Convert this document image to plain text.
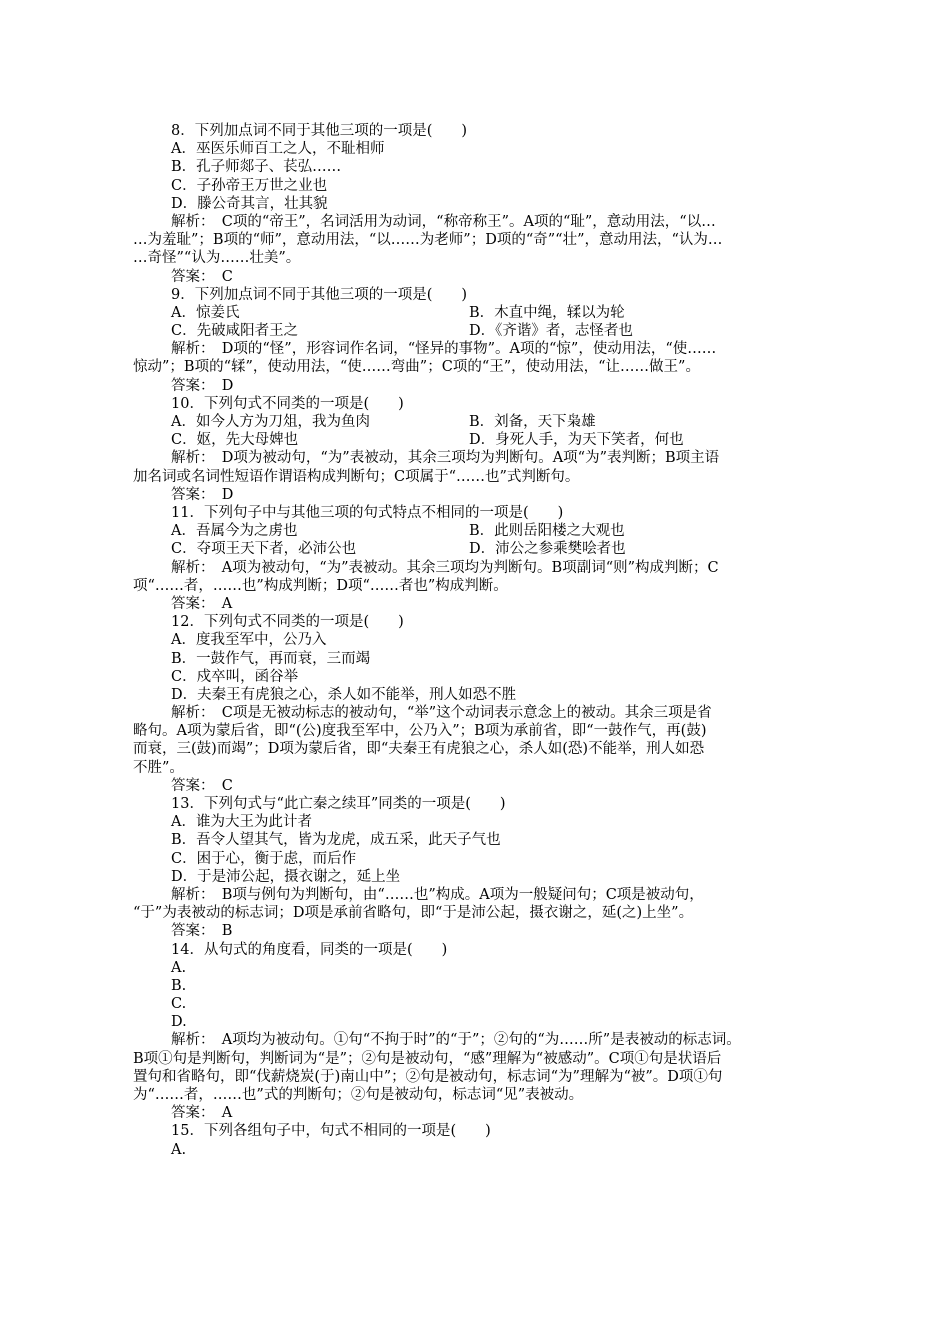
8．下列加点词不同于其他三项的一项是(　　)
A．巫医乐师百工之人，不耻相师
B．孔子师郯子、苌弘……
C．子孙帝王万世之业也
D．滕公奇其言，壮其貌
解析：　C项的“帝王”，名词活用为动词，“称帝称王”。A项的“耻”，意动用法，“以…
…为羞耻”；B项的“师”，意动用法，“以……为老师”；D项的“奇”“壮”，意动用法，“认为…
…奇怪”“认为……壮美”。
答案：　C
9．下列加点词不同于其他三项的一项是(　　)
A．惊姜氏	B．木直中绳，𫐓以为轮
C．先破咸阳者王之	D．《齐谐》者，志怪者也
解析：　D项的“怪”，形容词作名词，“怪异的事物”。A项的“惊”，使动用法，“使……
惊动”；B项的“𫐓”，使动用法，“使……弯曲”；C项的“王”，使动用法，“让……做王”。
答案：　D
10．下列句式不同类的一项是(　　)
A．如今人方为刀俎，我为鱼肉	B．刘备，天下枭雄
C．妪，先大母婢也	D．身死人手，为天下笑者，何也
解析：　D项为被动句，“为”表被动，其余三项均为判断句。A项“为”表判断；B项主语
加名词或名词性短语作谓语构成判断句；C项属于“……也”式判断句。
答案：　D
11．下列句子中与其他三项的句式特点不相同的一项是(　　)
A．吾属今为之虏也	B．此则岳阳楼之大观也
C．夺项王天下者，必沛公也	D．沛公之参乘樊哙者也
解析：　A项为被动句，“为”表被动。其余三项均为判断句。B项副词“则”构成判断；C
项“……者，……也”构成判断；D项“……者也”构成判断。
答案：　A
12．下列句式不同类的一项是(　　)
A．度我至军中，公乃入
B．一鼓作气，再而衰，三而竭
C．戍卒叫，函谷举
D．夫秦王有虎狼之心，杀人如不能举，刑人如恐不胜
解析：　C项是无被动标志的被动句，“举”这个动词表示意念上的被动。其余三项是省
略句。A项为蒙后省，即“(公)度我至军中，公乃入”；B项为承前省，即“一鼓作气，再(鼓)
而衰，三(鼓)而竭”；D项为蒙后省，即“夫秦王有虎狼之心，杀人如(恐)不能举，刑人如恐
不胜”。
答案：　C
13．下列句式与“此亡秦之续耳”同类的一项是(　　)
A．谁为大王为此计者
B．吾令人望其气，皆为龙虎，成五采，此天子气也
C．困于心，衡于虑，而后作
D．于是沛公起，摄衣谢之，延上坐
解析：　B项与例句为判断句，由“……也”构成。A项为一般疑问句；C项是被动句，
“于”为表被动的标志词；D项是承前省略句，即“于是沛公起，摄衣谢之，延(之)上坐”。
答案：　B
14．从句式的角度看，同类的一项是(　　)
A.
B.
C.
D.
解析：　A项均为被动句。①句“不拘于时”的“于”；②句的“为……所”是表被动的标志词。
B项①句是判断句，判断词为“是”；②句是被动句，“感”理解为“被感动”。C项①句是状语后
置句和省略句，即“伐薪烧炭(于)南山中”；②句是被动句，标志词“为”理解为“被”。D项①句
为“……者，……也”式的判断句；②句是被动句，标志词“见”表被动。
答案：　A
15．下列各组句子中，句式不相同的一项是(　　)
A.
